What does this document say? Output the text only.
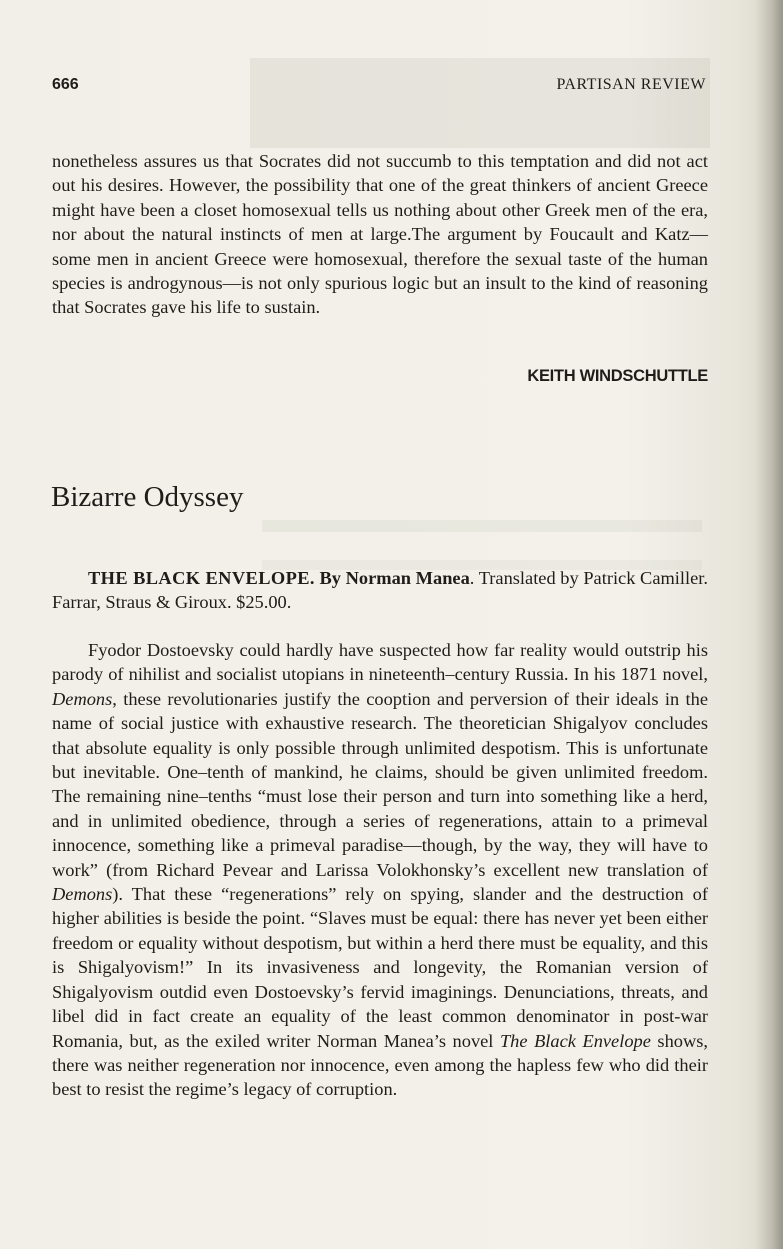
666	PARTISAN REVIEW

nonetheless assures us that Socrates did not succumb to this temptation and did not act out his desires. However, the possibility that one of the great thinkers of ancient Greece might have been a closet homosexual tells us nothing about other Greek men of the era, nor about the natural instincts of men at large.The argument by Foucault and Katz—some men in ancient Greece were homosexual, therefore the sexual taste of the human species is androgynous—is not only spurious logic but an insult to the kind of reasoning that Socrates gave his life to sustain.

KEITH WINDSCHUTTLE
Bizarre Odyssey

THE BLACK ENVELOPE. By Norman Manea. Translated by Patrick Camiller. Farrar, Straus & Giroux. $25.00.

Fyodor Dostoevsky could hardly have suspected how far reality would outstrip his parody of nihilist and socialist utopians in nineteenth–century Russia. In his 1871 novel, Demons, these revolutionaries justify the cooption and perversion of their ideals in the name of social justice with exhaustive research. The theoretician Shigalyov concludes that absolute equality is only possible through unlimited despotism. This is unfortunate but inevitable. One–tenth of mankind, he claims, should be given unlimited freedom. The remaining nine–tenths “must lose their person and turn into something like a herd, and in unlimited obedience, through a series of regenerations, attain to a primeval innocence, something like a primeval paradise—though, by the way, they will have to work” (from Richard Pevear and Larissa Volokhonsky’s excellent new translation of Demons). That these “regenerations” rely on spying, slander and the destruction of higher abilities is beside the point. “Slaves must be equal: there has never yet been either freedom or equality without despotism, but within a herd there must be equality, and this is Shigalyovism!” In its invasiveness and longevity, the Romanian version of Shigalyovism outdid even Dostoevsky’s fervid imaginings. Denunciations, threats, and libel did in fact create an equality of the least common denominator in post-war Romania, but, as the exiled writer Norman Manea’s novel The Black Envelope shows, there was neither regeneration nor innocence, even among the hapless few who did their best to resist the regime’s legacy of corruption.
